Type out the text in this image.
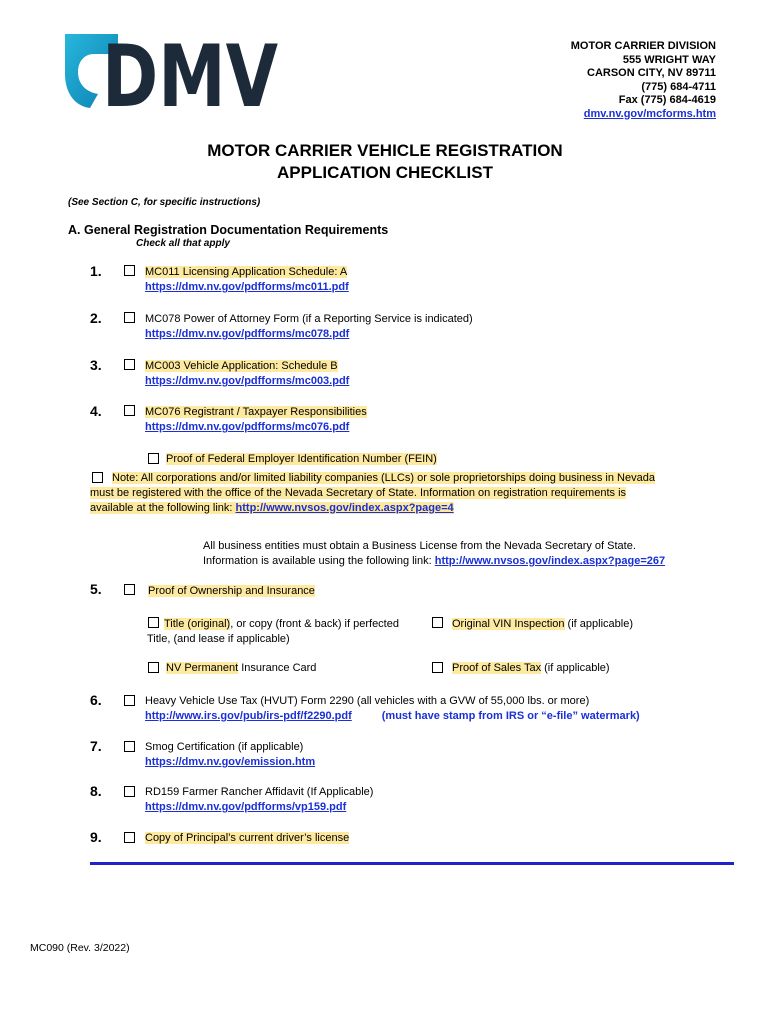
DMV	MOTOR CARRIER DIVISION
555 WRIGHT WAY
CARSON CITY, NV 89711
(775) 684-4711
Fax (775) 684-4619
dmv.nv.gov/mcforms.htm
MOTOR CARRIER VEHICLE REGISTRATION
APPLICATION CHECKLIST
(See Section C, for specific instructions)
A. General Registration Documentation Requirements
Check all that apply
1.	MC011 Licensing Application Schedule: A
https://dmv.nv.gov/pdfforms/mc011.pdf
2.	MC078 Power of Attorney Form (if a Reporting Service is indicated)
https://dmv.nv.gov/pdfforms/mc078.pdf
3.	MC003 Vehicle Application: Schedule B
https://dmv.nv.gov/pdfforms/mc003.pdf
4.	MC076 Registrant / Taxpayer Responsibilities
https://dmv.nv.gov/pdfforms/mc076.pdf
Proof of Federal Employer Identification Number (FEIN)
Note: All corporations and/or limited liability companies (LLCs) or sole proprietorships doing business in Nevada
must be registered with the office of the Nevada Secretary of State. Information on registration requirements is
available at the following link: http://www.nvsos.gov/index.aspx?page=4
All business entities must obtain a Business License from the Nevada Secretary of State.
Information is available using the following link: http://www.nvsos.gov/index.aspx?page=267
5.	Proof of Ownership and Insurance
Title (original), or copy (front & back) if perfected
Title, (and lease if applicable)
Original VIN Inspection (if applicable)
NV Permanent Insurance Card	Proof of Sales Tax (if applicable)
6.	Heavy Vehicle Use Tax (HVUT) Form 2290 (all vehicles with a GVW of 55,000 lbs. or more)
http://www.irs.gov/pub/irs-pdf/f2290.pdf	(must have stamp from IRS or “e-file” watermark)
7.	Smog Certification (if applicable)
https://dmv.nv.gov/emission.htm
8.	RD159 Farmer Rancher Affidavit (If Applicable)
https://dmv.nv.gov/pdfforms/vp159.pdf
9.	Copy of Principal’s current driver’s license
MC090 (Rev. 3/2022)
